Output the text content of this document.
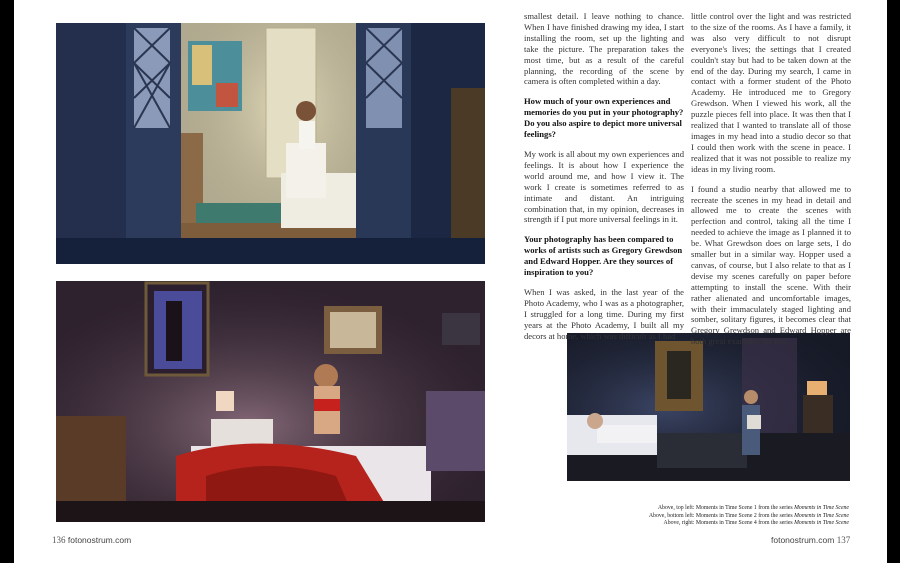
smallest detail. I leave nothing to chance. When I have finished drawing my idea, I start installing the room, set up the lighting and take the picture. The preparation takes the most time, but as a result of the careful planning, the recording of the scene by camera is often completed within a day.

How much of your own experiences and memories do you put in your photography? Do you also aspire to depict more universal feelings?

My work is all about my own experiences and feelings. It is about how I experience the world around me, and how I view it. The work I create is sometimes referred to as intimate and distant. An intriguing combination that, in my opinion, decreases in strength if I put more universal feelings in it.

Your photography has been compared to works of artists such as Gregory Grewdson and Edward Hopper. Are they sources of inspiration to you?

When I was asked, in the last year of the Photo Academy, who I was as a photographer, I struggled for a long time. During my first years at the Photo Academy, I built all my decors at home, which was difficult as I had

little control over the light and was restricted to the size of the rooms. As I have a family, it was also very difficult to not disrupt everyone's lives; the settings that I created couldn't stay but had to be taken down at the end of the day. During my search, I came in contact with a former student of the Photo Academy. He introduced me to Gregory Grewdson. When I viewed his work, all the puzzle pieces fell into place. It was then that I realized that I wanted to translate all of those images in my head into a studio decor so that I could then work with the scene in peace. I realized that it was not possible to realize my ideas in my living room.

I found a studio nearby that allowed me to recreate the scenes in my head in detail and allowed me to create the scenes with perfection and control, taking all the time I needed to achieve the image as I planned it to be. What Grewdson does on large sets, I do smaller but in a similar way. Hopper used a canvas, of course, but I also relate to that as I devise my scenes carefully on paper before attempting to install the scene. With their rather alienated and uncomfortable images, with their immaculately staged lighting and somber, solitary figures, it becomes clear that Gregory Grewdson and Edward Hopper are both great examples for me.

Above, top left: Moments in Time Scene 1 from the series Moments in Time Scene
Above, bottom left: Moments in Time Scene 2 from the series Moments in Time Scene
Above, right: Moments in Time Scene 4 from the series Moments in Time Scene
136 fotonostrum.com	fotonostrum.com 137
